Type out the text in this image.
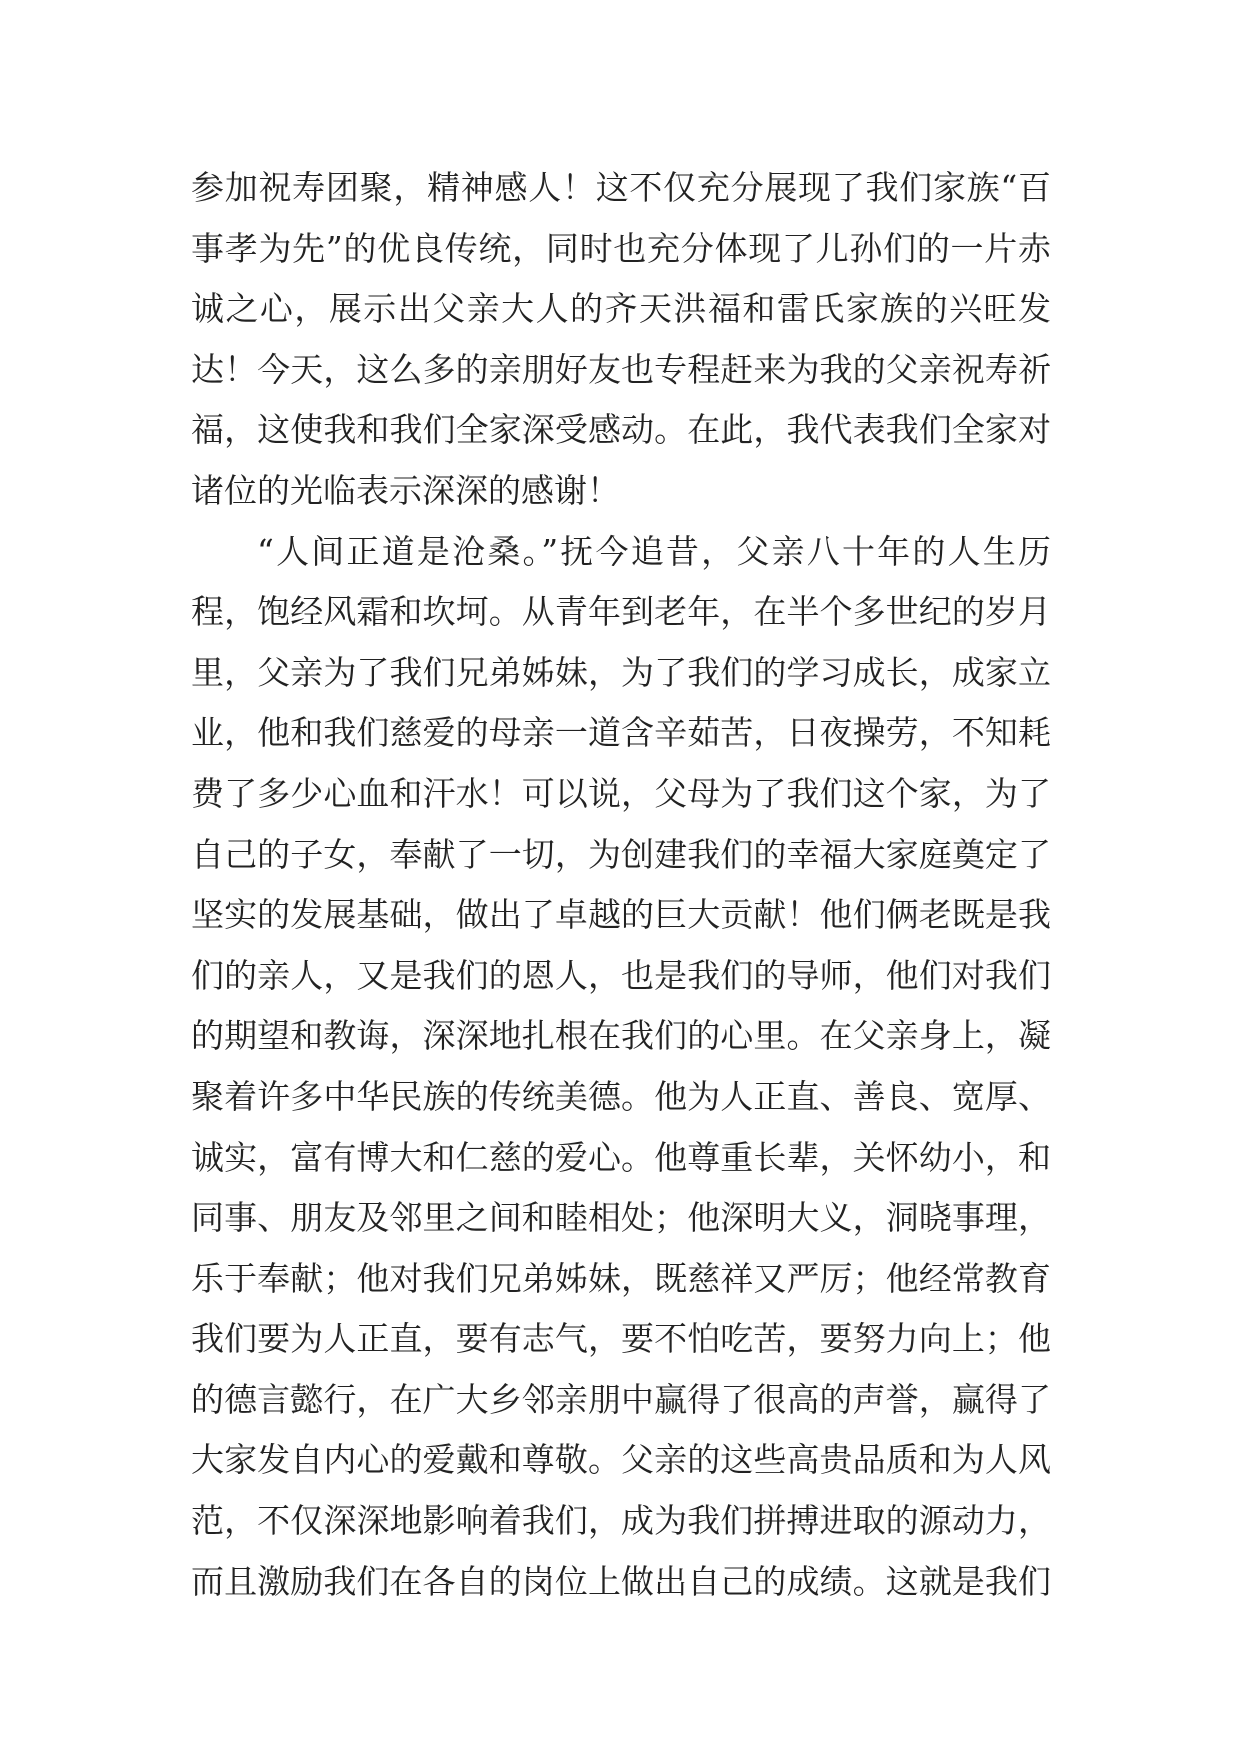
参加祝寿团聚，精神感人！这不仅充分展现了我们家族“百
事孝为先”的优良传统，同时也充分体现了儿孙们的一片赤
诚之心，展示出父亲大人的齐天洪福和雷氏家族的兴旺发
达！今天，这么多的亲朋好友也专程赶来为我的父亲祝寿祈
福，这使我和我们全家深受感动。在此，我代表我们全家对
诸位的光临表示深深的感谢！
“人间正道是沧桑。”抚今追昔，父亲八十年的人生历
程，饱经风霜和坎坷。从青年到老年，在半个多世纪的岁月
里，父亲为了我们兄弟姊妹，为了我们的学习成长，成家立
业，他和我们慈爱的母亲一道含辛茹苦，日夜操劳，不知耗
费了多少心血和汗水！可以说，父母为了我们这个家，为了
自己的子女，奉献了一切，为创建我们的幸福大家庭奠定了
坚实的发展基础，做出了卓越的巨大贡献！他们俩老既是我
们的亲人，又是我们的恩人，也是我们的导师，他们对我们
的期望和教诲，深深地扎根在我们的心里。在父亲身上，凝
聚着许多中华民族的传统美德。他为人正直、善良、宽厚、
诚实，富有博大和仁慈的爱心。他尊重长辈，关怀幼小，和
同事、朋友及邻里之间和睦相处；他深明大义，洞晓事理，
乐于奉献；他对我们兄弟姊妹，既慈祥又严厉；他经常教育
我们要为人正直，要有志气，要不怕吃苦，要努力向上；他
的德言懿行，在广大乡邻亲朋中赢得了很高的声誉，赢得了
大家发自内心的爱戴和尊敬。父亲的这些高贵品质和为人风
范，不仅深深地影响着我们，成为我们拼搏进取的源动力，
而且激励我们在各自的岗位上做出自己的成绩。这就是我们
